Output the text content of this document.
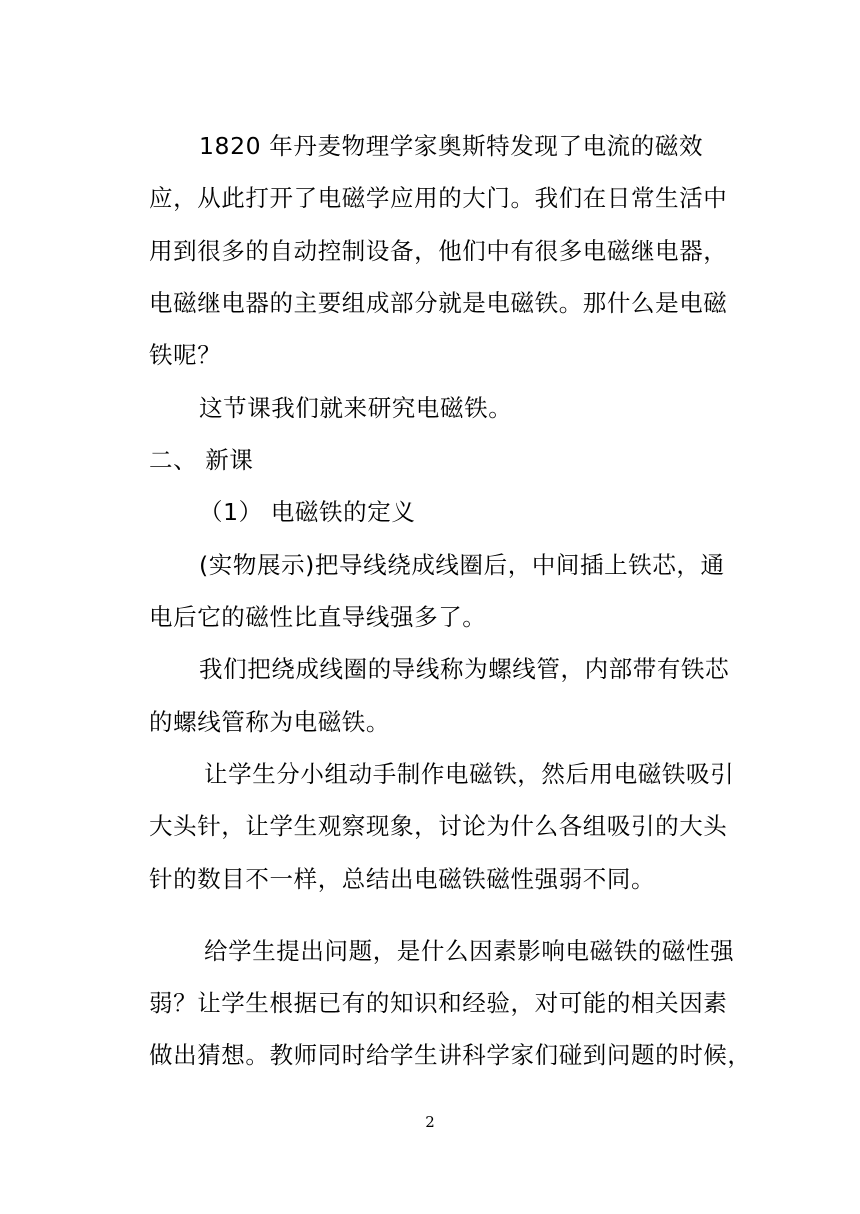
1820 年丹麦物理学家奥斯特发现了电流的磁效
应，从此打开了电磁学应用的大门。我们在日常生活中
用到很多的自动控制设备，他们中有很多电磁继电器，
电磁继电器的主要组成部分就是电磁铁。那什么是电磁
铁呢？
这节课我们就来研究电磁铁。
二、 新课
（1） 电磁铁的定义
(实物展示)把导线绕成线圈后，中间插上铁芯，通
电后它的磁性比直导线强多了。
我们把绕成线圈的导线称为螺线管，内部带有铁芯
的螺线管称为电磁铁。
让学生分小组动手制作电磁铁，然后用电磁铁吸引
大头针，让学生观察现象，讨论为什么各组吸引的大头
针的数目不一样，总结出电磁铁磁性强弱不同。
给学生提出问题，是什么因素影响电磁铁的磁性强
弱？让学生根据已有的知识和经验，对可能的相关因素
做出猜想。教师同时给学生讲科学家们碰到问题的时候，
2
